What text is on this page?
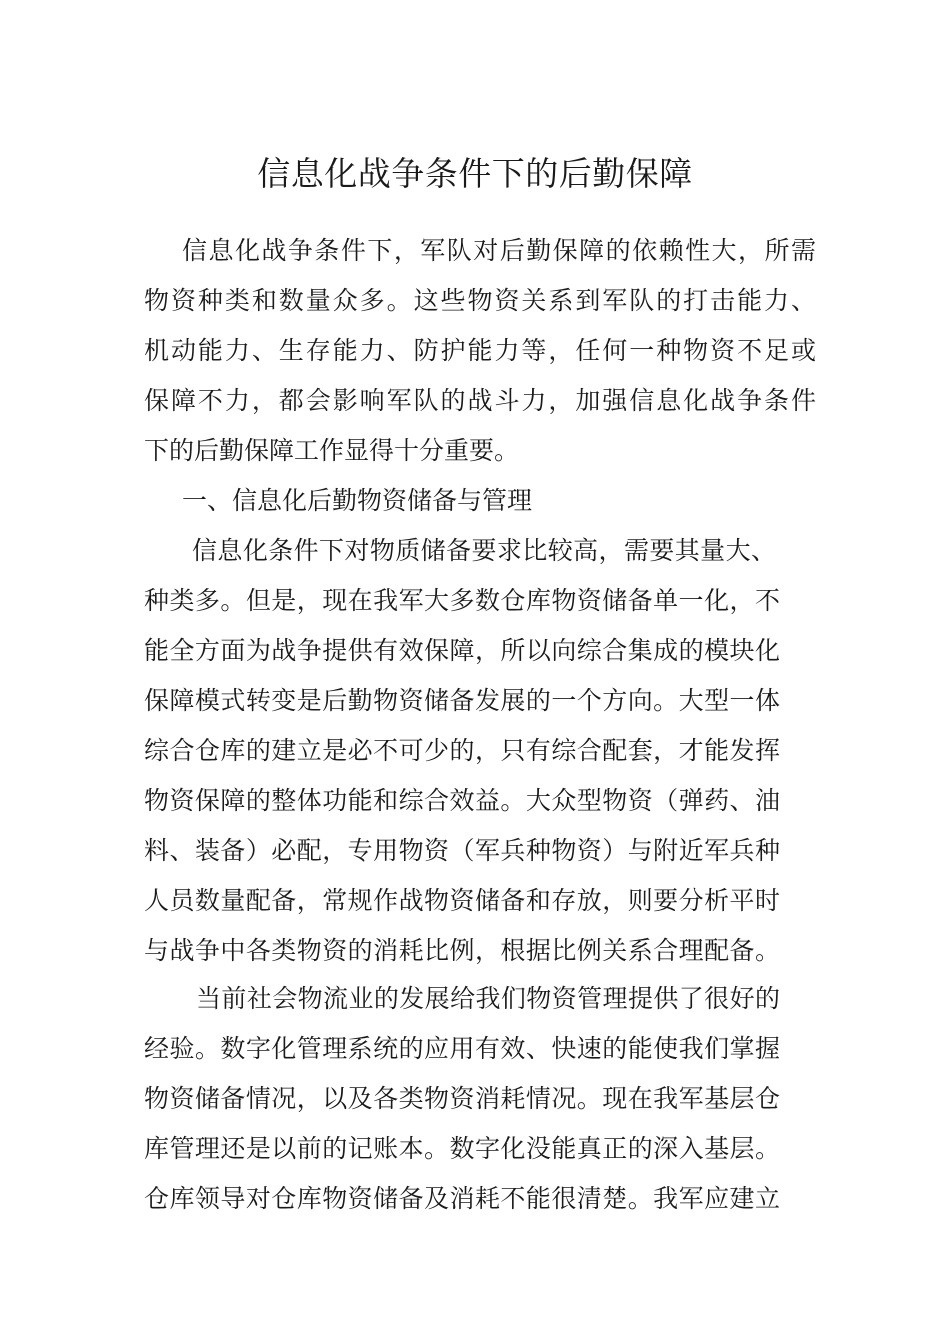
信息化战争条件下的后勤保障
信息化战争条件下，军队对后勤保障的依赖性大，所需
物资种类和数量众多。这些物资关系到军队的打击能力、
机动能力、生存能力、防护能力等，任何一种物资不足或
保障不力，都会影响军队的战斗力，加强信息化战争条件
下的后勤保障工作显得十分重要。
一、信息化后勤物资储备与管理
信息化条件下对物质储备要求比较高，需要其量大、
种类多。但是，现在我军大多数仓库物资储备单一化，不
能全方面为战争提供有效保障，所以向综合集成的模块化
保障模式转变是后勤物资储备发展的一个方向。大型一体
综合仓库的建立是必不可少的，只有综合配套，才能发挥
物资保障的整体功能和综合效益。大众型物资（弹药、油
料、装备）必配，专用物资（军兵种物资）与附近军兵种
人员数量配备，常规作战物资储备和存放，则要分析平时
与战争中各类物资的消耗比例，根据比例关系合理配备。
当前社会物流业的发展给我们物资管理提供了很好的
经验。数字化管理系统的应用有效、快速的能使我们掌握
物资储备情况，以及各类物资消耗情况。现在我军基层仓
库管理还是以前的记账本。数字化没能真正的深入基层。
仓库领导对仓库物资储备及消耗不能很清楚。我军应建立
